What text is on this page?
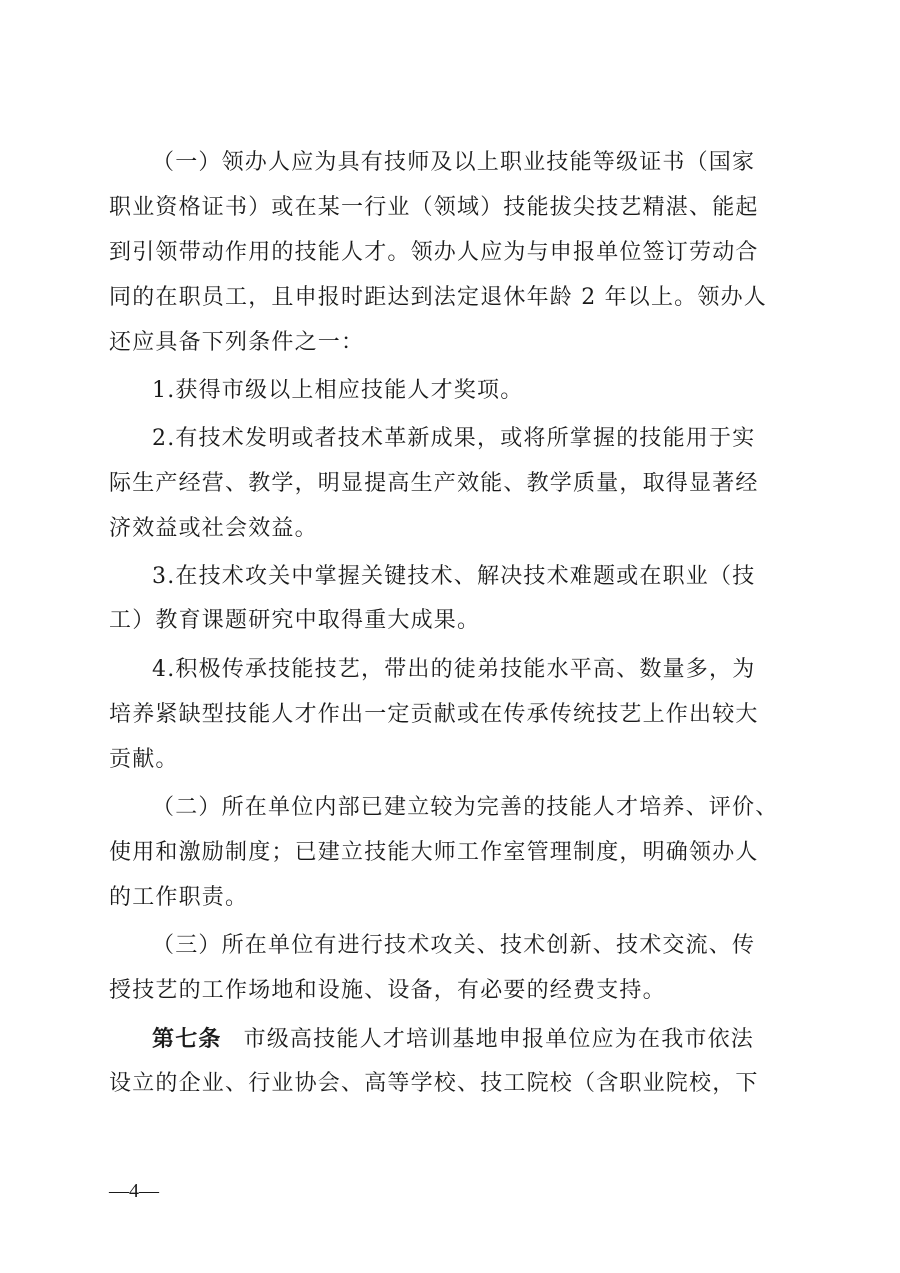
（一）领办人应为具有技师及以上职业技能等级证书（国家
职业资格证书）或在某一行业（领域）技能拔尖技艺精湛、能起
到引领带动作用的技能人才。领办人应为与申报单位签订劳动合
同的在职员工，且申报时距达到法定退休年龄 2 年以上。领办人
还应具备下列条件之一：
1.获得市级以上相应技能人才奖项。
2.有技术发明或者技术革新成果，或将所掌握的技能用于实
际生产经营、教学，明显提高生产效能、教学质量，取得显著经
济效益或社会效益。
3.在技术攻关中掌握关键技术、解决技术难题或在职业（技
工）教育课题研究中取得重大成果。
4.积极传承技能技艺，带出的徒弟技能水平高、数量多，为
培养紧缺型技能人才作出一定贡献或在传承传统技艺上作出较大
贡献。
（二）所在单位内部已建立较为完善的技能人才培养、评价、
使用和激励制度；已建立技能大师工作室管理制度，明确领办人
的工作职责。
（三）所在单位有进行技术攻关、技术创新、技术交流、传
授技艺的工作场地和设施、设备，有必要的经费支持。
第七条 市级高技能人才培训基地申报单位应为在我市依法
设立的企业、行业协会、高等学校、技工院校（含职业院校，下
—4—
